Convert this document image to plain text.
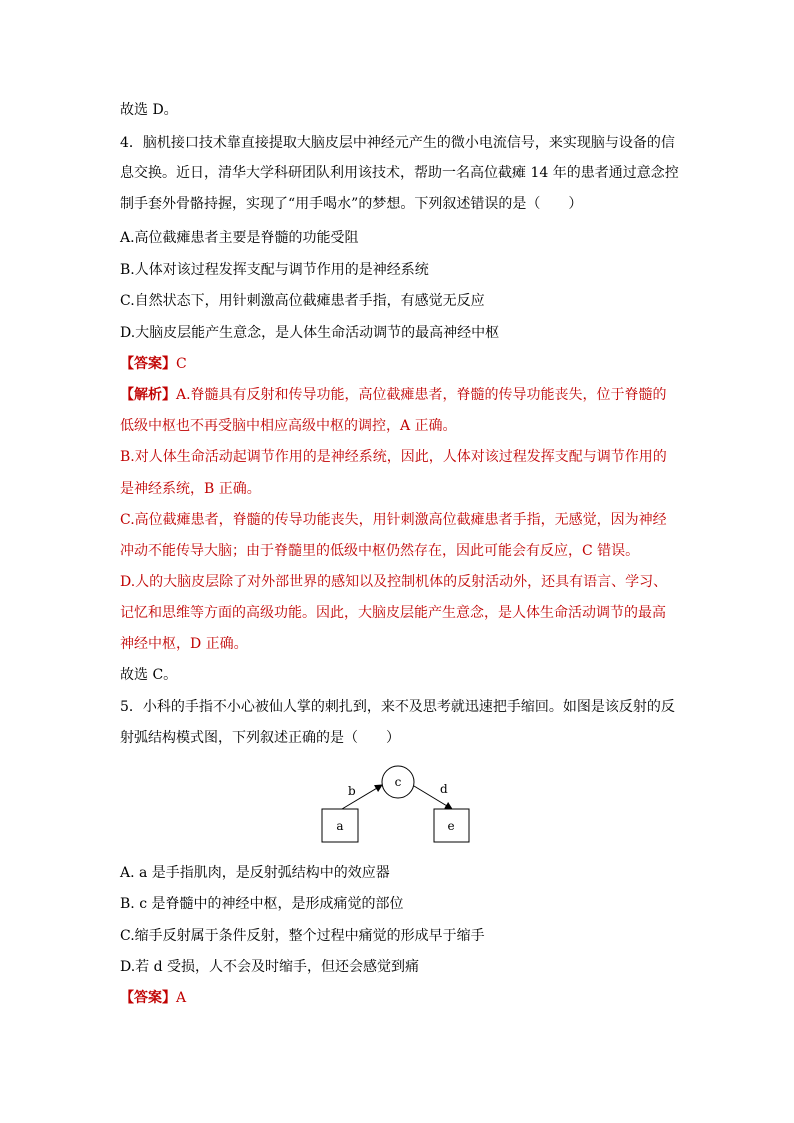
故选 D。
4．脑机接口技术靠直接提取大脑皮层中神经元产生的微小电流信号，来实现脑与设备的信
息交换。近日，清华大学科研团队利用该技术，帮助一名高位截瘫 14 年的患者通过意念控
制手套外骨骼持握，实现了“用手喝水”的梦想。下列叙述错误的是（　　）
A.高位截瘫患者主要是脊髓的功能受阻
B.人体对该过程发挥支配与调节作用的是神经系统
C.自然状态下，用针刺激高位截瘫患者手指，有感觉无反应
D.大脑皮层能产生意念，是人体生命活动调节的最高神经中枢
【答案】C
【解析】A.脊髓具有反射和传导功能，高位截瘫患者，脊髓的传导功能丧失，位于脊髓的
低级中枢也不再受脑中相应高级中枢的调控，A 正确。
B.对人体生命活动起调节作用的是神经系统，因此，人体对该过程发挥支配与调节作用的
是神经系统，B 正确。
C.高位截瘫患者，脊髓的传导功能丧失，用针刺激高位截瘫患者手指，无感觉，因为神经
冲动不能传导大脑；由于脊髓里的低级中枢仍然存在，因此可能会有反应，C 错误。
D.人的大脑皮层除了对外部世界的感知以及控制机体的反射活动外，还具有语言、学习、
记忆和思维等方面的高级功能。因此，大脑皮层能产生意念，是人体生命活动调节的最高
神经中枢，D 正确。
故选 C。
5．小科的手指不小心被仙人掌的刺扎到，来不及思考就迅速把手缩回。如图是该反射的反
射弧结构模式图，下列叙述正确的是（　　）
a
c
e
b	d
A. a 是手指肌肉，是反射弧结构中的效应器
B. c 是脊髓中的神经中枢，是形成痛觉的部位
C.缩手反射属于条件反射，整个过程中痛觉的形成早于缩手
D.若 d 受损，人不会及时缩手，但还会感觉到痛
【答案】A
